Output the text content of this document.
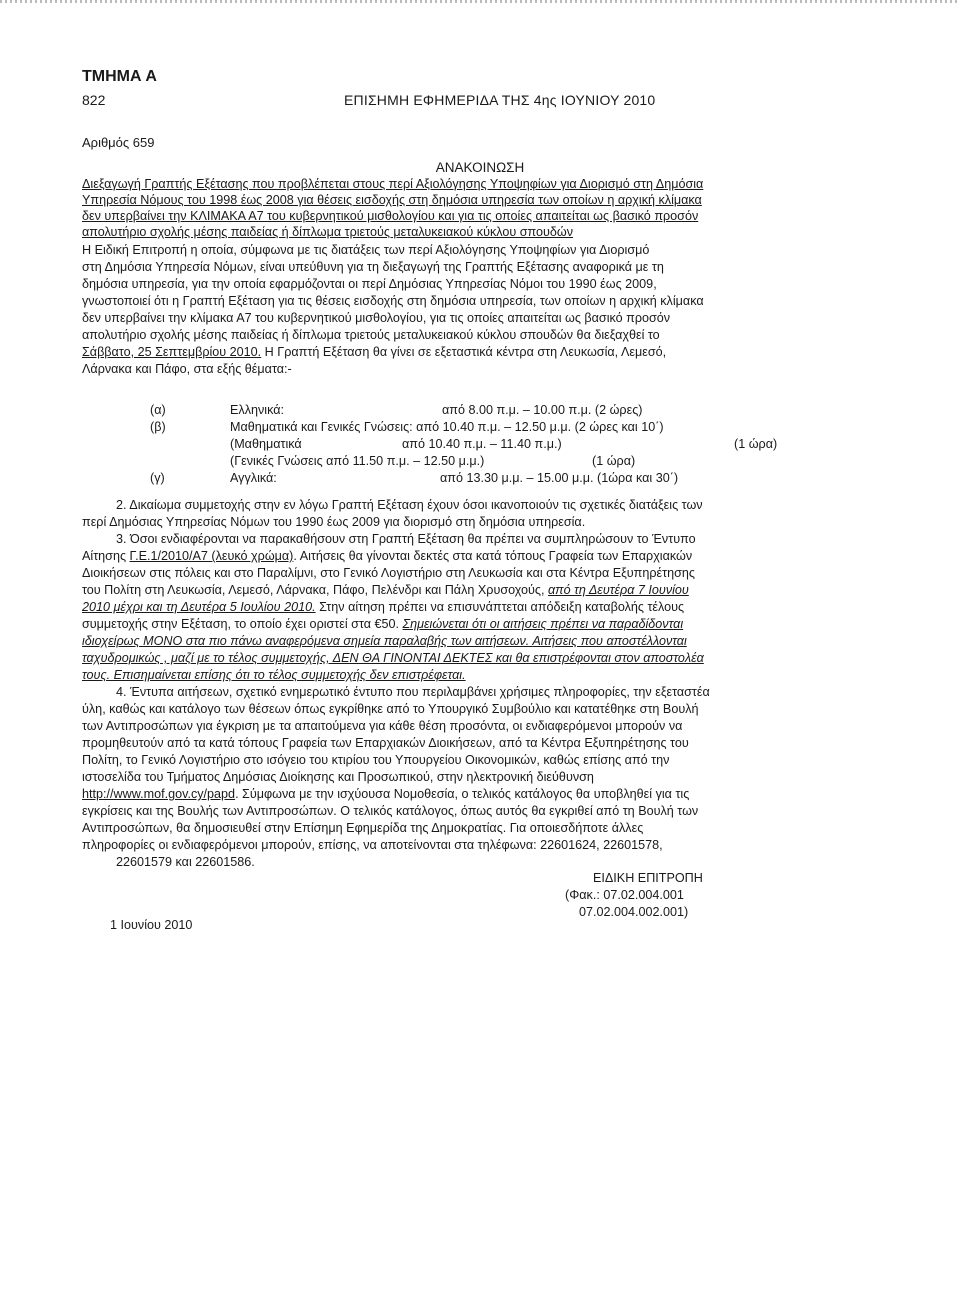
ΤΜΗΜΑ Α
822	ΕΠΙΣΗΜΗ ΕΦΗΜΕΡΙΔΑ ΤΗΣ 4ης ΙΟΥΝΙΟΥ 2010
Αριθμός 659
ΑΝΑΚΟΙΝΩΣΗ
Διεξαγωγή Γραπτής Εξέτασης που προβλέπεται στους περί Αξιολόγησης Υποψηφίων για Διορισμό στη Δημόσια
Υπηρεσία Νόμους του 1998 έως 2008 για θέσεις εισδοχής στη δημόσια υπηρεσία των οποίων η αρχική κλίμακα
δεν υπερβαίνει την ΚΛΙΜΑΚΑ Α7 του κυβερνητικού μισθολογίου και για τις οποίες απαιτείται ως βασικό προσόν
απολυτήριο σχολής μέσης παιδείας ή δίπλωμα τριετούς μεταλυκειακού κύκλου σπουδών
Η Ειδική Επιτροπή η οποία, σύμφωνα με τις διατάξεις των περί Αξιολόγησης Υποψηφίων για Διορισμό
στη Δημόσια Υπηρεσία Νόμων, είναι υπεύθυνη για τη διεξαγωγή της Γραπτής Εξέτασης αναφορικά με τη
δημόσια υπηρεσία, για την οποία εφαρμόζονται οι περί Δημόσιας Υπηρεσίας Νόμοι του 1990 έως 2009,
γνωστοποιεί ότι η Γραπτή Εξέταση για τις θέσεις εισδοχής στη δημόσια υπηρεσία, των οποίων η αρχική κλίμακα
δεν υπερβαίνει την κλίμακα Α7 του κυβερνητικού μισθολογίου, για τις οποίες απαιτείται ως βασικό προσόν
απολυτήριο σχολής μέσης παιδείας ή δίπλωμα τριετούς μεταλυκειακού κύκλου σπουδών θα διεξαχθεί το
Σάββατο, 25 Σεπτεμβρίου 2010. Η Γραπτή Εξέταση θα γίνει σε εξεταστικά κέντρα στη Λευκωσία, Λεμεσό,
Λάρνακα και Πάφο, στα εξής θέματα:-
(α)	Ελληνικά:	από 8.00 π.μ. – 10.00 π.μ. (2 ώρες)
(β)	Μαθηματικά και Γενικές Γνώσεις: από 10.40 π.μ. – 12.50 μ.μ. (2 ώρες και 10΄)
(Μαθηματικά	από 10.40 π.μ. – 11.40 π.μ.)	(1 ώρα)
(Γενικές Γνώσεις από 11.50 π.μ. – 12.50 μ.μ.)	(1 ώρα)
(γ)	Αγγλικά:	από 13.30 μ.μ. – 15.00 μ.μ. (1ώρα και 30΄)
2. Δικαίωμα συμμετοχής στην εν λόγω Γραπτή Εξέταση έχουν όσοι ικανοποιούν τις σχετικές διατάξεις των
περί Δημόσιας Υπηρεσίας Νόμων του 1990 έως 2009 για διορισμό στη δημόσια υπηρεσία.
3. Όσοι ενδιαφέρονται να παρακαθήσουν στη Γραπτή Εξέταση θα πρέπει να συμπληρώσουν το Έντυπο
Αίτησης Γ.Ε.1/2010/Α7 (λευκό χρώμα). Αιτήσεις θα γίνονται δεκτές στα κατά τόπους Γραφεία των Επαρχιακών
Διοικήσεων στις πόλεις και στο Παραλίμνι, στο Γενικό Λογιστήριο στη Λευκωσία και στα Κέντρα Εξυπηρέτησης
του Πολίτη στη Λευκωσία, Λεμεσό, Λάρνακα, Πάφο, Πελένδρι και Πάλη Χρυσοχούς, από τη Δευτέρα 7 Ιουνίου
2010 μέχρι και τη Δευτέρα 5 Ιουλίου 2010. Στην αίτηση πρέπει να επισυνάπτεται απόδειξη καταβολής τέλους
συμμετοχής στην Εξέταση, το οποίο έχει οριστεί στα €50. Σημειώνεται ότι οι αιτήσεις πρέπει να παραδίδονται
ιδιοχείρως ΜΟΝΟ στα πιο πάνω αναφερόμενα σημεία παραλαβής των αιτήσεων. Αιτήσεις που αποστέλλονται
ταχυδρομικώς , μαζί με το τέλος συμμετοχής, ΔΕΝ ΘΑ ΓΙΝΟΝΤΑΙ ΔΕΚΤΕΣ και θα επιστρέφονται στον αποστολέα
τους. Επισημαίνεται επίσης ότι το τέλος συμμετοχής δεν επιστρέφεται.
4. Έντυπα αιτήσεων, σχετικό ενημερωτικό έντυπο που περιλαμβάνει χρήσιμες πληροφορίες, την εξεταστέα
ύλη, καθώς και κατάλογο των θέσεων όπως εγκρίθηκε από το Υπουργικό Συμβούλιο και κατατέθηκε στη Βουλή
των Αντιπροσώπων για έγκριση με τα απαιτούμενα για κάθε θέση προσόντα, οι ενδιαφερόμενοι μπορούν να
προμηθευτούν από τα κατά τόπους Γραφεία των Επαρχιακών Διοικήσεων, από τα Κέντρα Εξυπηρέτησης του
Πολίτη, το Γενικό Λογιστήριο στο ισόγειο του κτιρίου του Υπουργείου Οικονομικών, καθώς επίσης από την
ιστοσελίδα του Τμήματος Δημόσιας Διοίκησης και Προσωπικού, στην ηλεκτρονική διεύθυνση
http://www.mof.gov.cy/papd. Σύμφωνα με την ισχύουσα Νομοθεσία, ο τελικός κατάλογος θα υποβληθεί για τις
εγκρίσεις και της Βουλής των Αντιπροσώπων. Ο τελικός κατάλογος, όπως αυτός θα εγκριθεί από τη Βουλή των
Αντιπροσώπων, θα δημοσιευθεί στην Επίσημη Εφημερίδα της Δημοκρατίας. Για οποιεσδήποτε άλλες
πληροφορίες οι ενδιαφερόμενοι μπορούν, επίσης, να αποτείνονται στα τηλέφωνα: 22601624, 22601578,
22601579 και 22601586.
ΕΙΔΙΚΗ ΕΠΙΤΡΟΠΗ
(Φακ.: 07.02.004.001
07.02.004.002.001)
1 Ιουνίου 2010
